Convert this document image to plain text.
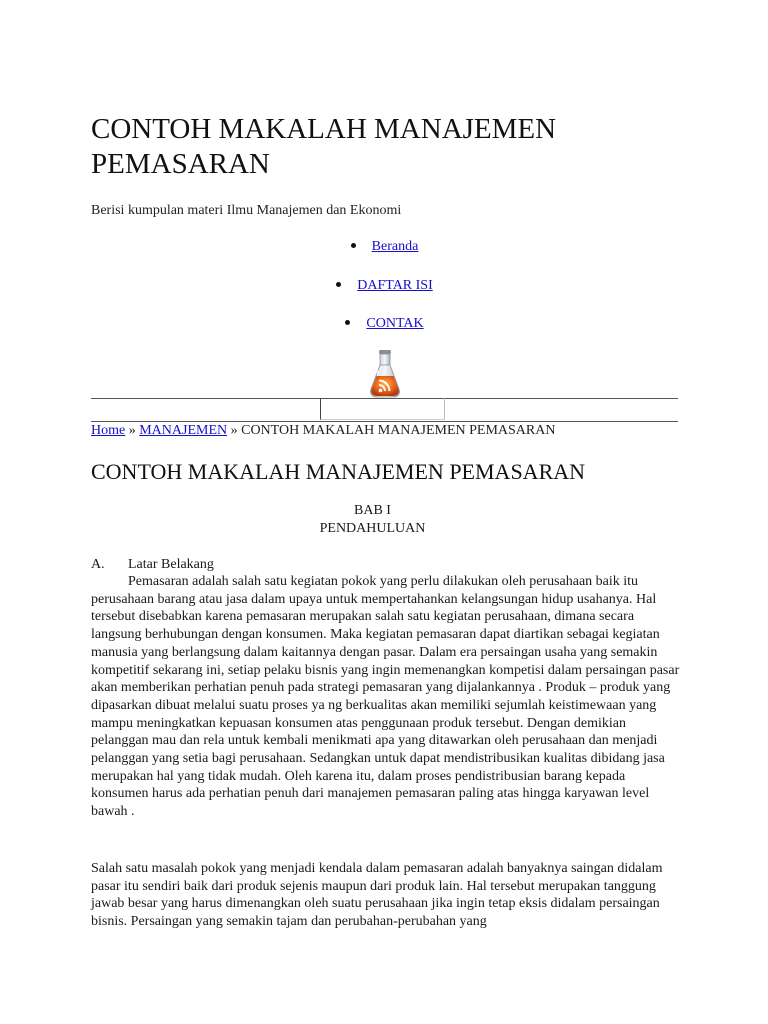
CONTOH MAKALAH MANAJEMEN PEMASARAN
Berisi kumpulan materi Ilmu Manajemen dan Ekonomi
Beranda
DAFTAR ISI
CONTAK
Home » MANAJEMEN » CONTOH MAKALAH MANAJEMEN PEMASARAN
CONTOH MAKALAH MANAJEMEN PEMASARAN
BAB I
PENDAHULUAN
A. Latar Belakang

Pemasaran adalah salah satu kegiatan pokok yang perlu dilakukan oleh perusahaan baik itu perusahaan barang atau jasa dalam upaya untuk mempertahankan kelangsungan hidup usahanya. Hal tersebut disebabkan karena pemasaran merupakan salah satu kegiatan perusahaan, dimana secara langsung berhubungan dengan konsumen. Maka kegiatan pemasaran dapat diartikan sebagai kegiatan manusia yang berlangsung dalam kaitannya dengan pasar. Dalam era persaingan usaha yang semakin kompetitif sekarang ini, setiap pelaku bisnis yang ingin memenangkan kompetisi dalam persaingan pasar akan memberikan perhatian penuh pada strategi pemasaran yang dijalankannya . Produk – produk yang dipasarkan dibuat melalui suatu proses ya ng berkualitas akan memiliki sejumlah keistimewaan yang mampu meningkatkan kepuasan konsumen atas penggunaan produk tersebut. Dengan demikian pelanggan mau dan rela untuk kembali menikmati apa yang ditawarkan oleh perusahaan dan menjadi pelanggan yang setia bagi perusahaan. Sedangkan untuk dapat mendistribusikan kualitas dibidang jasa merupakan hal yang tidak mudah. Oleh karena itu, dalam proses pendistribusian barang kepada konsumen harus ada perhatian penuh dari manajemen pemasaran paling atas hingga karyawan level bawah .

Salah satu masalah pokok yang menjadi kendala dalam pemasaran adalah banyaknya saingan didalam pasar itu sendiri baik dari produk sejenis maupun dari produk lain. Hal tersebut merupakan tanggung jawab besar yang harus dimenangkan oleh suatu perusahaan jika ingin tetap eksis didalam persaingan bisnis. Persaingan yang semakin tajam dan perubahan-perubahan yang
